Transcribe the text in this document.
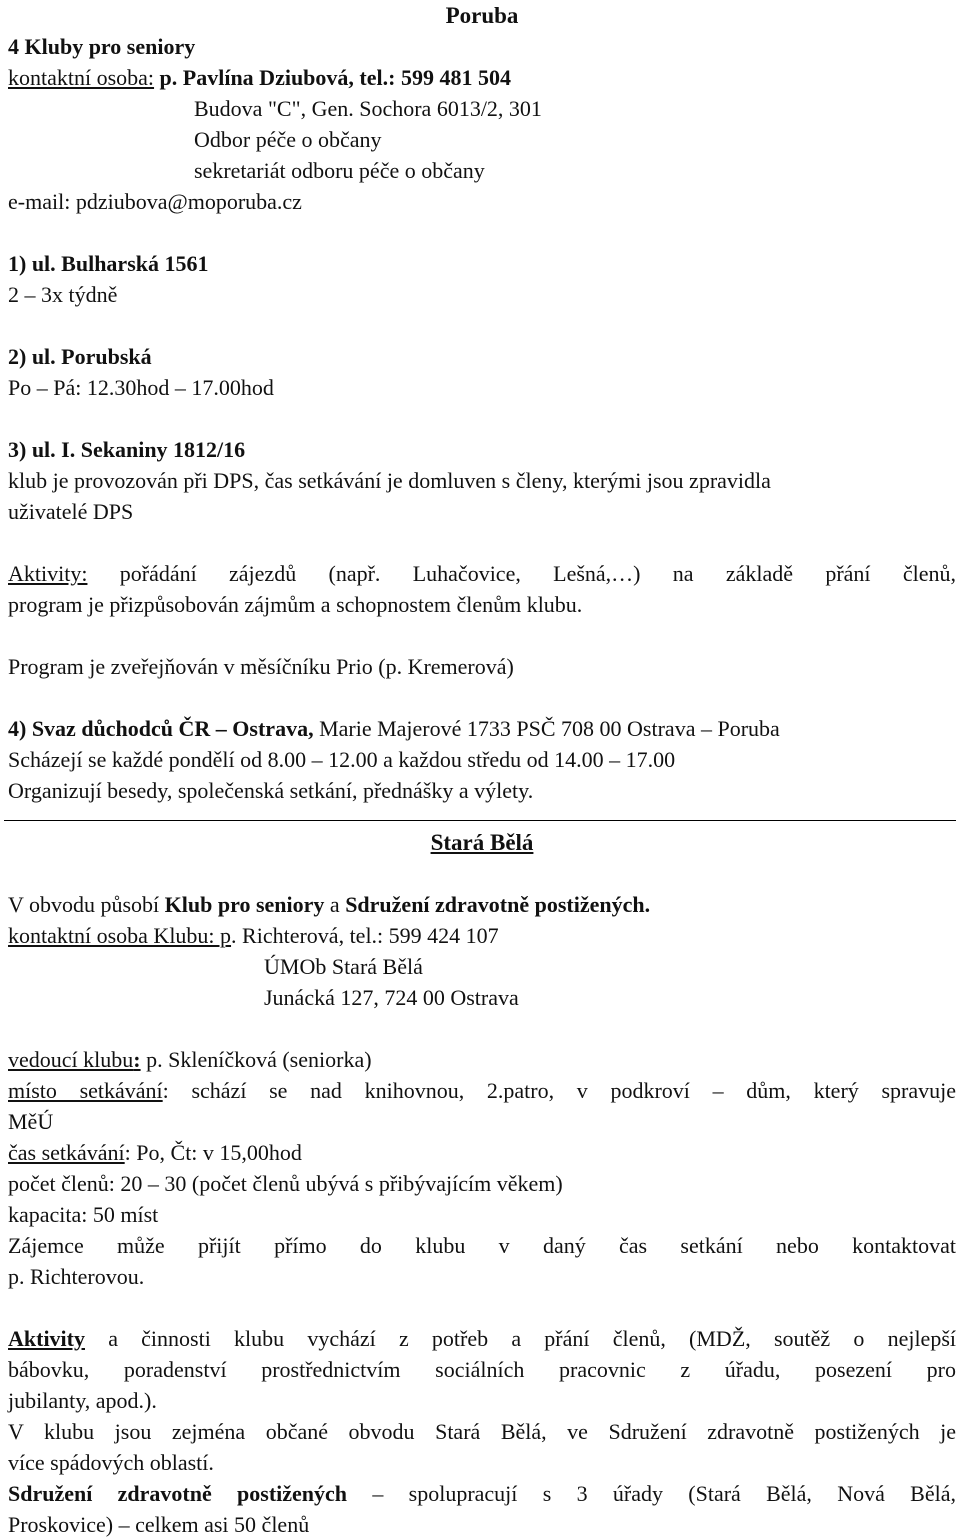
Poruba
4 Kluby pro seniory
kontaktní osoba: p. Pavlína Dziubová, tel.: 599 481 504
Budova "C", Gen. Sochora 6013/2, 301
Odbor péče o občany
sekretariát odboru péče o občany
e-mail: pdziubova@moporuba.cz
1) ul. Bulharská 1561
2 – 3x týdně
2) ul. Porubská
Po – Pá: 12.30hod – 17.00hod
3) ul. I. Sekaniny 1812/16
klub je provozován při DPS, čas setkávání je domluven s členy, kterými jsou zpravidla
uživatelé DPS
Aktivity: pořádání zájezdů (např. Luhačovice, Lešná,…) na základě přání členů,
program je přizpůsobován zájmům a schopnostem členům klubu.
Program je zveřejňován v měsíčníku Prio (p. Kremerová)
4) Svaz důchodců ČR – Ostrava, Marie Majerové 1733 PSČ 708 00 Ostrava – Poruba
Scházejí se každé pondělí od 8.00 – 12.00 a každou středu od 14.00 – 17.00
Organizují besedy, společenská setkání, přednášky a výlety.
Stará Bělá
V obvodu působí Klub pro seniory a Sdružení zdravotně postižených.
kontaktní osoba Klubu: p. Richterová, tel.: 599 424 107
ÚMOb Stará Bělá
Junácká 127, 724 00 Ostrava
vedoucí klubu: p. Skleníčková (seniorka)
místo setkávání: schází se nad knihovnou, 2.patro, v podkroví – dům, který spravuje
MěÚ
čas setkávání: Po, Čt: v 15,00hod
počet členů: 20 – 30 (počet členů ubývá s přibývajícím věkem)
kapacita: 50 míst
Zájemce může přijít přímo do klubu v daný čas setkání nebo kontaktovat
p. Richterovou.
Aktivity a činnosti klubu vychází z potřeb a přání členů, (MDŽ, soutěž o nejlepší
bábovku, poradenství prostřednictvím sociálních pracovnic z úřadu, posezení pro
jubilanty, apod.).
V klubu jsou zejména občané obvodu Stará Bělá, ve Sdružení zdravotně postižených je
více spádových oblastí.
Sdružení zdravotně postižených – spolupracují s 3 úřady (Stará Bělá, Nová Bělá,
Proskovice) – celkem asi 50 členů
